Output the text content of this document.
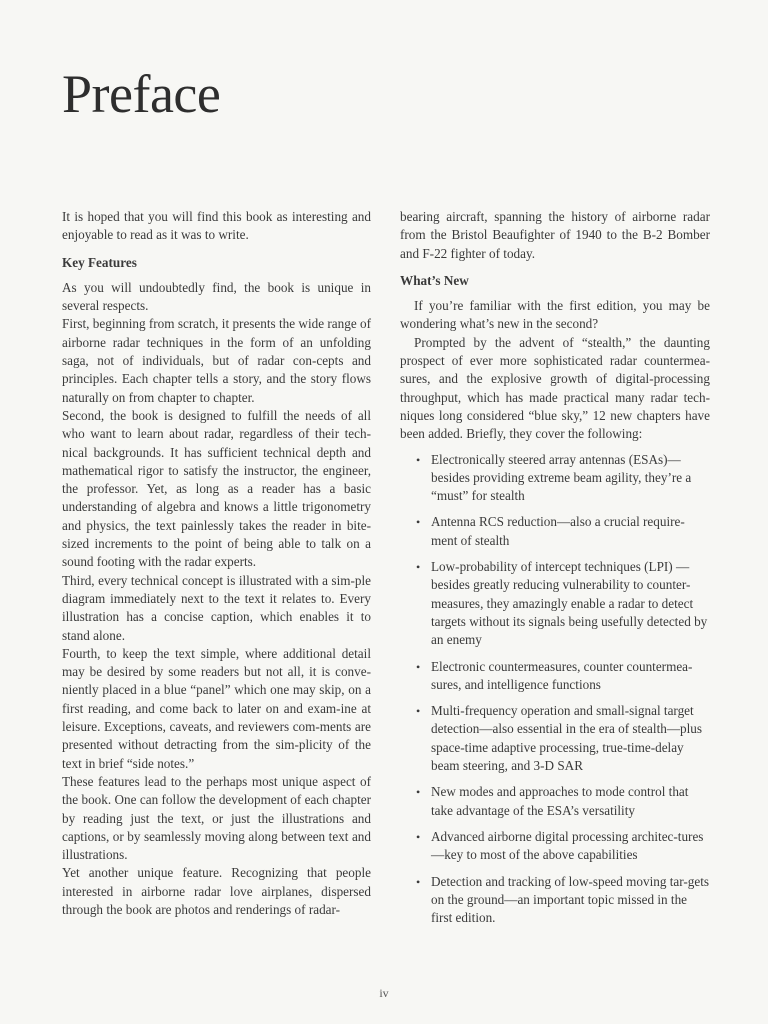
Preface

It is hoped that you will find this book as interesting and enjoyable to read as it was to write.

Key Features

As you will undoubtedly find, the book is unique in several respects.

First, beginning from scratch, it presents the wide range of airborne radar techniques in the form of an unfolding saga, not of individuals, but of radar con-cepts and principles. Each chapter tells a story, and the story flows naturally on from chapter to chapter.

Second, the book is designed to fulfill the needs of all who want to learn about radar, regardless of their tech-nical backgrounds. It has sufficient technical depth and mathematical rigor to satisfy the instructor, the engineer, the professor. Yet, as long as a reader has a basic understanding of algebra and knows a little trigonometry and physics, the text painlessly takes the reader in bite-sized increments to the point of being able to talk on a sound footing with the radar experts.

Third, every technical concept is illustrated with a sim-ple diagram immediately next to the text it relates to. Every illustration has a concise caption, which enables it to stand alone.

Fourth, to keep the text simple, where additional detail may be desired by some readers but not all, it is conve-niently placed in a blue “panel” which one may skip, on a first reading, and come back to later on and exam-ine at leisure. Exceptions, caveats, and reviewers com-ments are presented without detracting from the sim-plicity of the text in brief “side notes.”

These features lead to the perhaps most unique aspect of the book. One can follow the development of each chapter by reading just the text, or just the illustrations and captions, or by seamlessly moving along between text and illustrations.

Yet another unique feature. Recognizing that people interested in airborne radar love airplanes, dispersed through the book are photos and renderings of radar-

bearing aircraft, spanning the history of airborne radar from the Bristol Beaufighter of 1940 to the B-2 Bomber and F-22 fighter of today.

What’s New

If you’re familiar with the first edition, you may be wondering what’s new in the second?

Prompted by the advent of “stealth,” the daunting prospect of ever more sophisticated radar countermea-sures, and the explosive growth of digital-processing throughput, which has made practical many radar tech-niques long considered “blue sky,” 12 new chapters have been added. Briefly, they cover the following:

• Electronically steered array antennas (ESAs)—besides providing extreme beam agility, they’re a “must” for stealth
• Antenna RCS reduction—also a crucial require-ment of stealth
• Low-probability of intercept techniques (LPI) —besides greatly reducing vulnerability to counter-measures, they amazingly enable a radar to detect targets without its signals being usefully detected by an enemy
• Electronic countermeasures, counter countermea-sures, and intelligence functions
• Multi-frequency operation and small-signal target detection—also essential in the era of stealth—plus space-time adaptive processing, true-time-delay beam steering, and 3-D SAR
• New modes and approaches to mode control that take advantage of the ESA’s versatility
• Advanced airborne digital processing architec-tures—key to most of the above capabilities
• Detection and tracking of low-speed moving tar-gets on the ground—an important topic missed in the first edition.
iv
